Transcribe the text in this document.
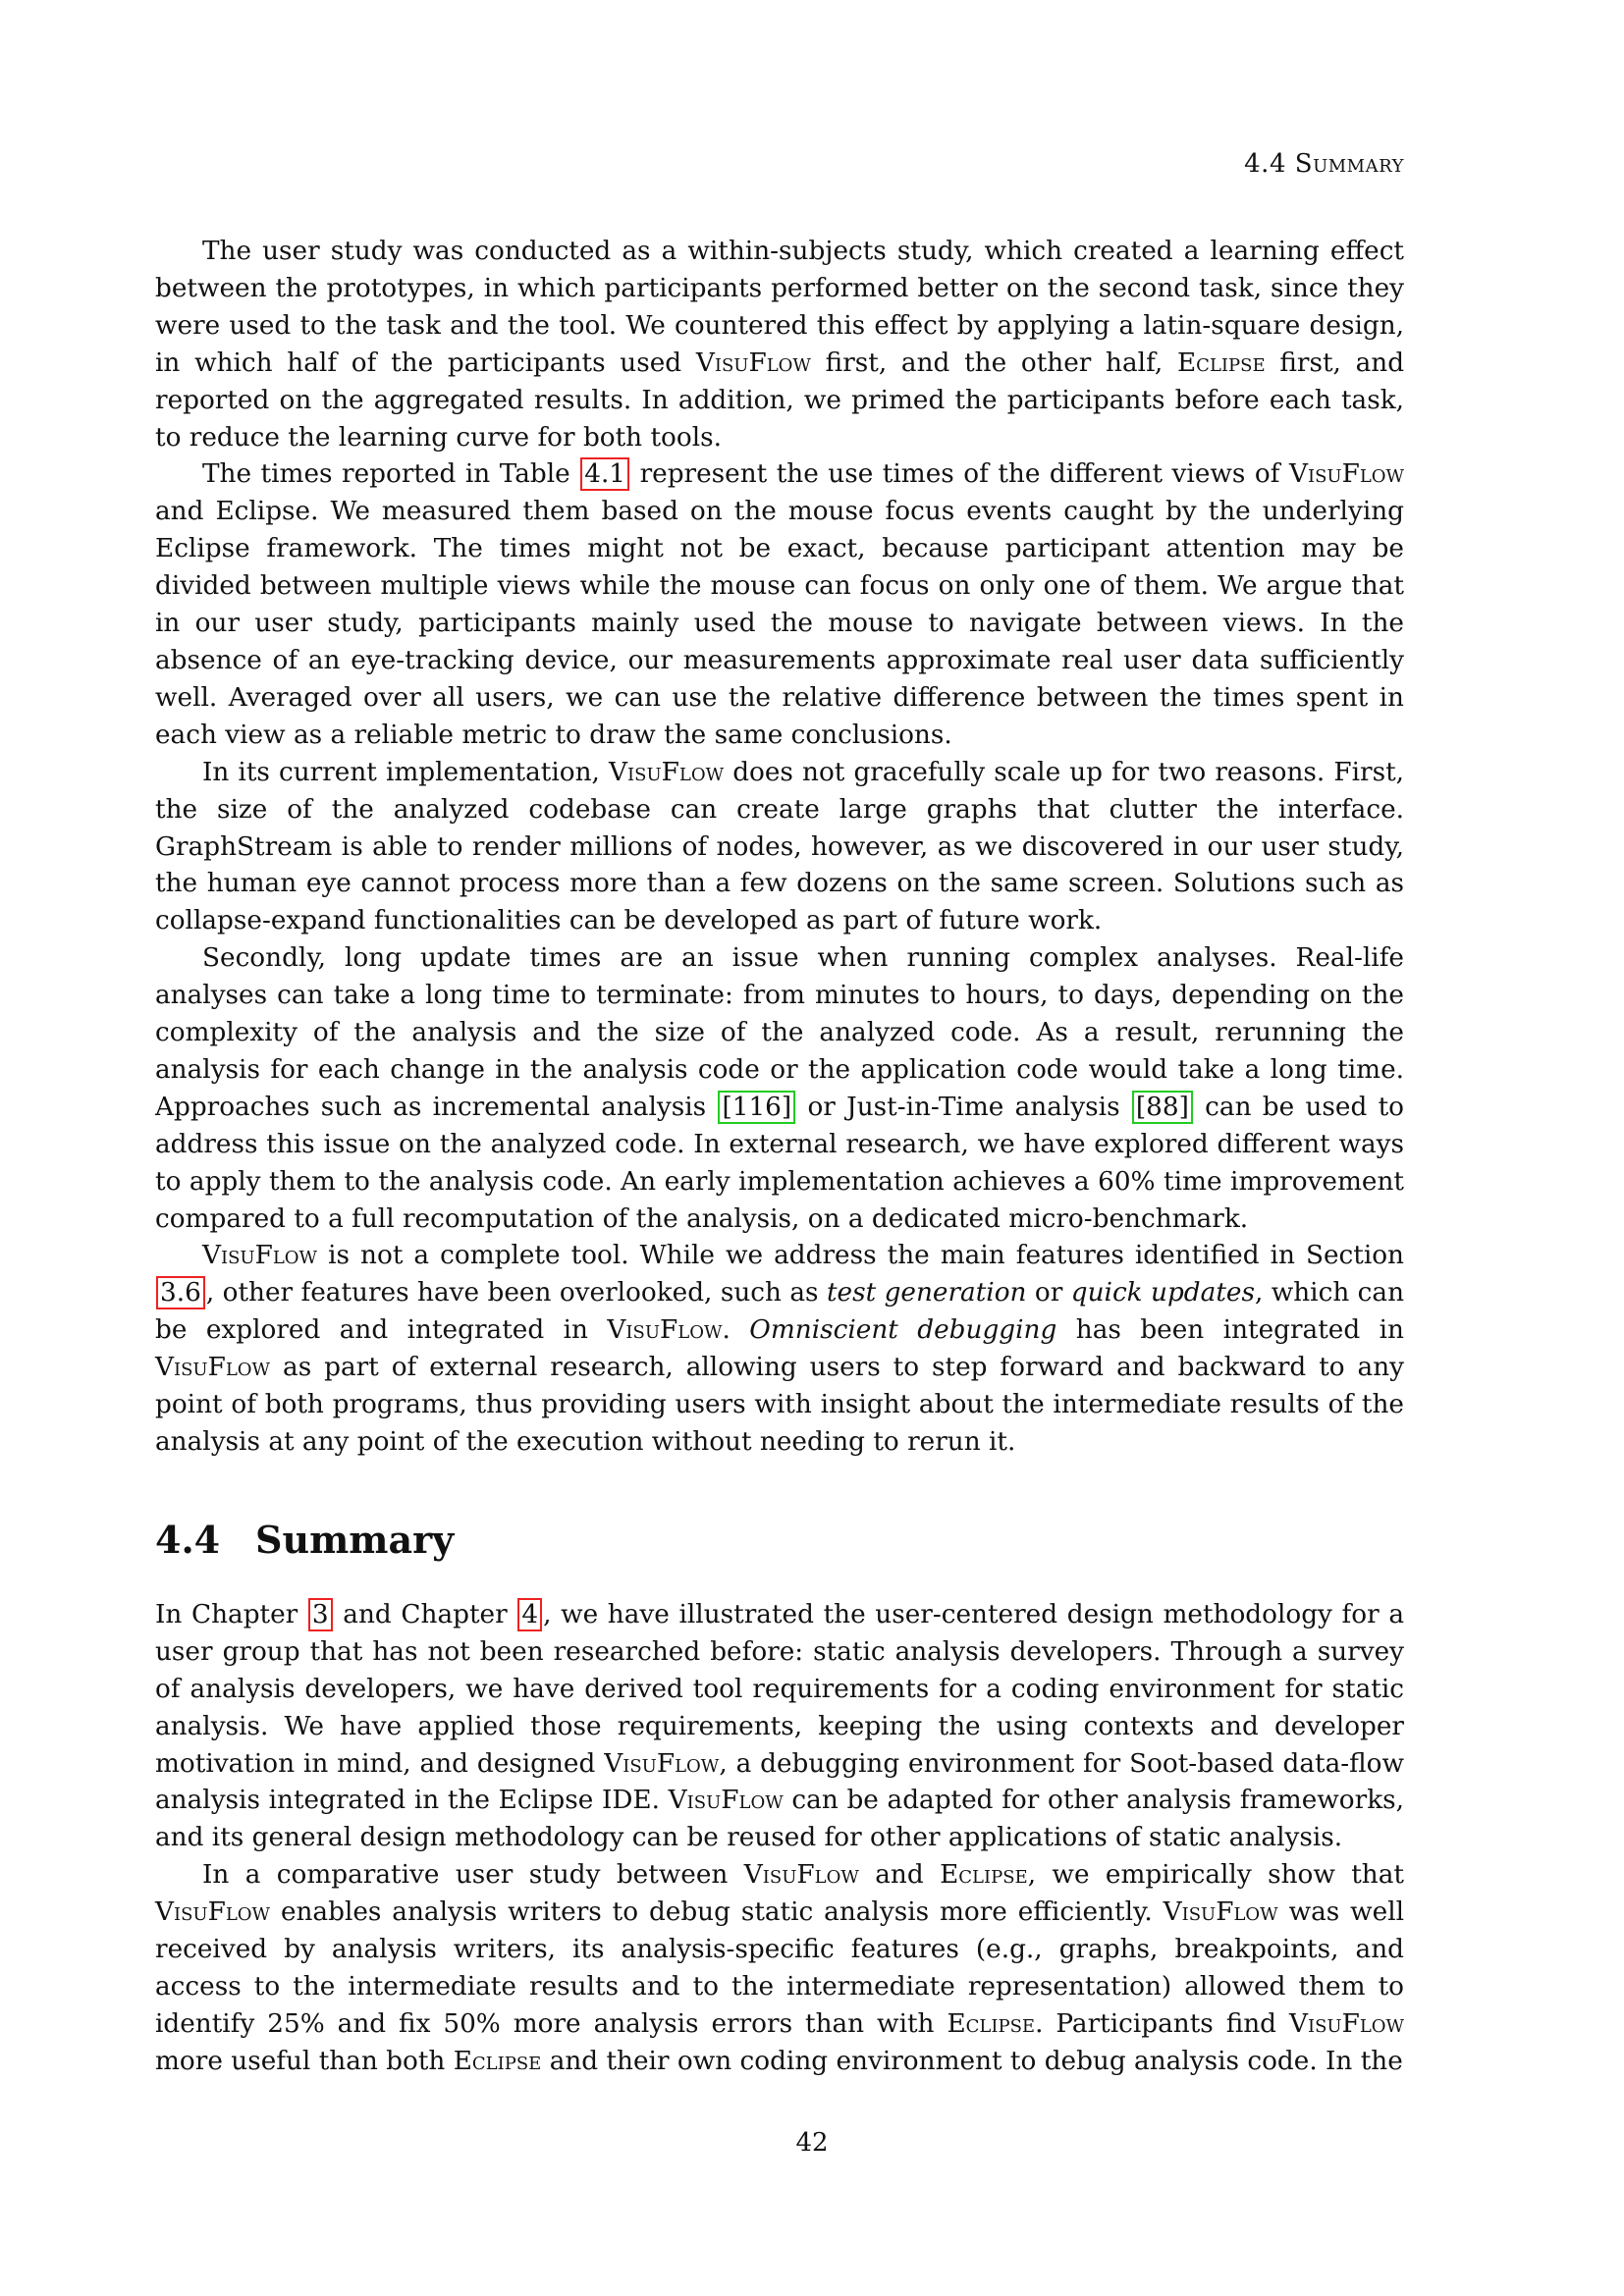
4.4 Summary

The user study was conducted as a within-subjects study, which created a learning effect between the prototypes, in which participants performed better on the second task, since they were used to the task and the tool. We countered this effect by applying a latin-square design, in which half of the participants used VisuFlow first, and the other half, Eclipse first, and reported on the aggregated results. In addition, we primed the participants before each task, to reduce the learning curve for both tools.

The times reported in Table 4.1 represent the use times of the different views of VisuFlow and Eclipse. We measured them based on the mouse focus events caught by the underlying Eclipse framework. The times might not be exact, because participant attention may be divided between multiple views while the mouse can focus on only one of them. We argue that in our user study, participants mainly used the mouse to navigate between views. In the absence of an eye-tracking device, our measurements approximate real user data sufficiently well. Averaged over all users, we can use the relative difference between the times spent in each view as a reliable metric to draw the same conclusions.

In its current implementation, VisuFlow does not gracefully scale up for two reasons. First, the size of the analyzed codebase can create large graphs that clutter the interface. GraphStream is able to render millions of nodes, however, as we discovered in our user study, the human eye cannot process more than a few dozens on the same screen. Solutions such as collapse-expand functionalities can be developed as part of future work.

Secondly, long update times are an issue when running complex analyses. Real-life analyses can take a long time to terminate: from minutes to hours, to days, depending on the complexity of the analysis and the size of the analyzed code. As a result, rerunning the analysis for each change in the analysis code or the application code would take a long time. Approaches such as incremental analysis [116] or Just-in-Time analysis [88] can be used to address this issue on the analyzed code. In external research, we have explored different ways to apply them to the analysis code. An early implementation achieves a 60% time improvement compared to a full recomputation of the analysis, on a dedicated micro-benchmark.

VisuFlow is not a complete tool. While we address the main features identified in Section 3.6 , other features have been overlooked, such as test generation or quick updates, which can be explored and integrated in VisuFlow. Omniscient debugging has been integrated in VisuFlow as part of external research, allowing users to step forward and backward to any point of both programs, thus providing users with insight about the intermediate results of the analysis at any point of the execution without needing to rerun it.

4.4 Summary

In Chapter 3 and Chapter 4 , we have illustrated the user-centered design methodology for a user group that has not been researched before: static analysis developers. Through a survey of analysis developers, we have derived tool requirements for a coding environment for static analysis. We have applied those requirements, keeping the using contexts and developer motivation in mind, and designed VisuFlow, a debugging environment for Soot-based data-flow analysis integrated in the Eclipse IDE. VisuFlow can be adapted for other analysis frameworks, and its general design methodology can be reused for other applications of static analysis.

In a comparative user study between VisuFlow and Eclipse, we empirically show that VisuFlow enables analysis writers to debug static analysis more efficiently. VisuFlow was well received by analysis writers, its analysis-specific features (e.g., graphs, breakpoints, and access to the intermediate results and to the intermediate representation) allowed them to identify 25% and fix 50% more analysis errors than with Eclipse. Participants find VisuFlow more useful than both Eclipse and their own coding environment to debug analysis code. In the

42
